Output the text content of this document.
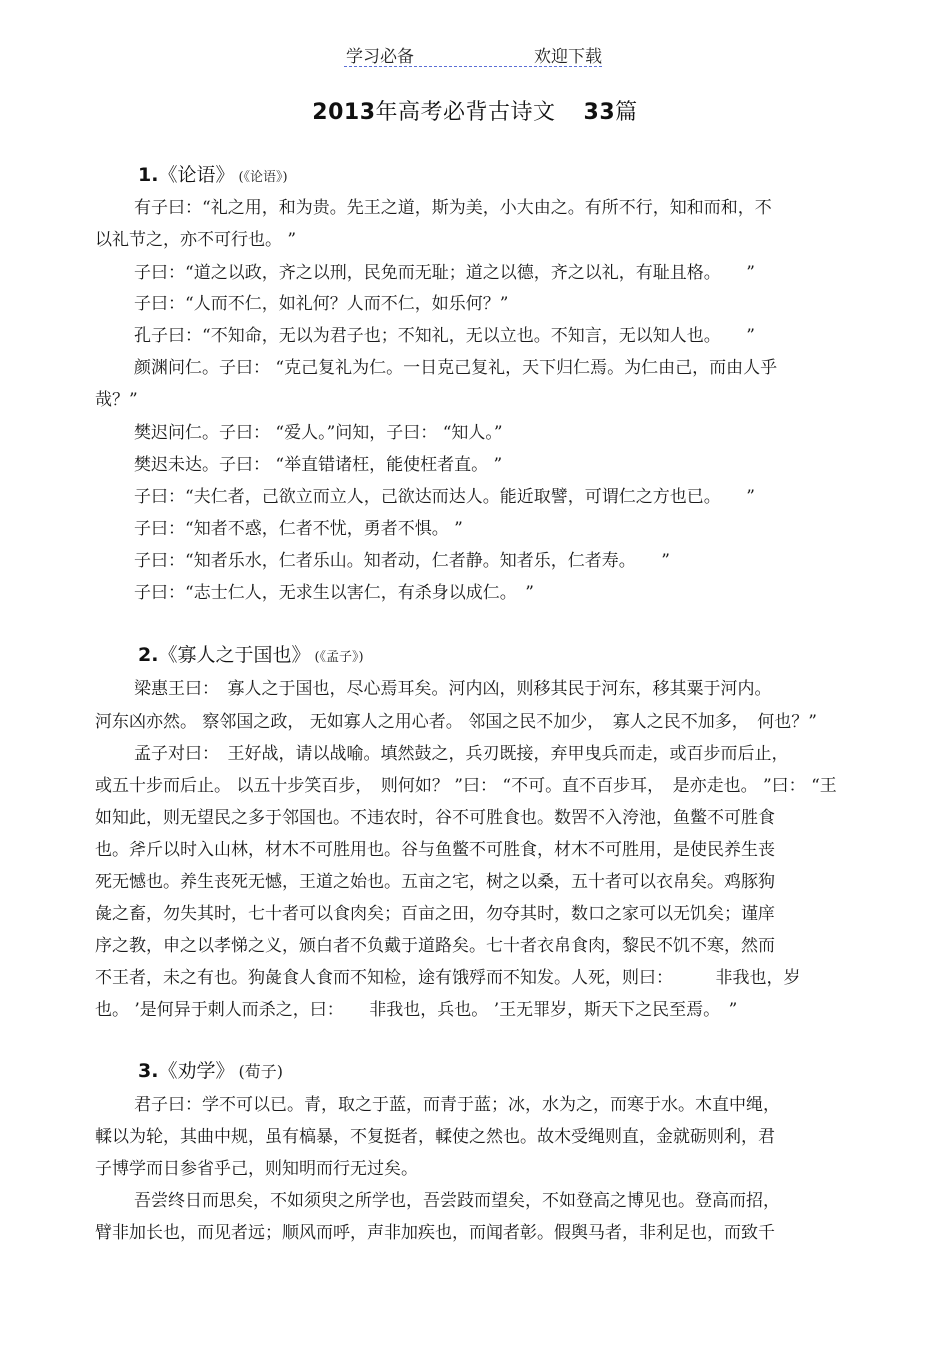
学习必备	欢迎下载
2013年高考必背古诗文 33篇
1.《论语》 (《论语》)
有子曰：“礼之用，和为贵。先王之道，斯为美，小大由之。有所不行，知和而和，不
以礼节之，亦不可行也。 ”
子曰：“道之以政，齐之以刑，民免而无耻；道之以德，齐之以礼，有耻且格。　　”
子曰：“人而不仁，如礼何？人而不仁，如乐何？”
孔子曰：“不知命，无以为君子也；不知礼，无以立也。不知言，无以知人也。　　”
颜渊问仁。子曰： “克己复礼为仁。一日克己复礼，天下归仁焉。为仁由己，而由人乎
哉？”
樊迟问仁。子曰： “爱人。”问知，子曰： “知人。”
樊迟未达。子曰： “举直错诸枉，能使枉者直。 ”
子曰：“夫仁者，己欲立而立人，己欲达而达人。能近取譬，可谓仁之方也已。　　”
子曰：“知者不惑，仁者不忧，勇者不惧。 ”
子曰：“知者乐水，仁者乐山。知者动，仁者静。知者乐，仁者寿。　　”
子曰：“志士仁人，无求生以害仁，有杀身以成仁。　”
2.《寡人之于国也》 (《孟子》)
梁惠王曰：　寡人之于国也，尽心焉耳矣。河内凶，则移其民于河东，移其粟于河内。
河东凶亦然。 察邻国之政， 无如寡人之用心者。 邻国之民不加少，　寡人之民不加多，　何也？”
孟子对曰：　王好战，请以战喻。填然鼓之，兵刃既接，弃甲曳兵而走，或百步而后止，
或五十步而后止。 以五十步笑百步，　则何如？ ”曰： “不可。直不百步耳，　是亦走也。 ”曰： “王
如知此，则无望民之多于邻国也。不违农时，谷不可胜食也。数罟不入洿池，鱼鳖不可胜食
也。斧斤以时入山林，材木不可胜用也。谷与鱼鳖不可胜食，材木不可胜用，是使民养生丧
死无憾也。养生丧死无憾，王道之始也。五亩之宅，树之以桑，五十者可以衣帛矣。鸡豚狗
彘之畜，勿失其时，七十者可以食肉矣；百亩之田，勿夺其时，数口之家可以无饥矣；谨庠
序之教，申之以孝悌之义，颁白者不负戴于道路矣。七十者衣帛食肉，黎民不饥不寒，然而
不王者，未之有也。狗彘食人食而不知检，途有饿殍而不知发。人死，则曰：　　　非我也，岁
也。 ’是何异于刺人而杀之，曰：　　非我也，兵也。 ’王无罪岁，斯天下之民至焉。　”
3.《劝学》 (荀子)
君子曰：学不可以已。青，取之于蓝，而青于蓝；冰，水为之，而寒于水。木直中绳，
輮以为轮，其曲中规，虽有槁暴，不复挺者，輮使之然也。故木受绳则直，金就砺则利，君
子博学而日参省乎己，则知明而行无过矣。
吾尝终日而思矣，不如须臾之所学也，吾尝跂而望矣，不如登高之博见也。登高而招，
臂非加长也，而见者远；顺风而呼，声非加疾也，而闻者彰。假舆马者，非利足也，而致千
